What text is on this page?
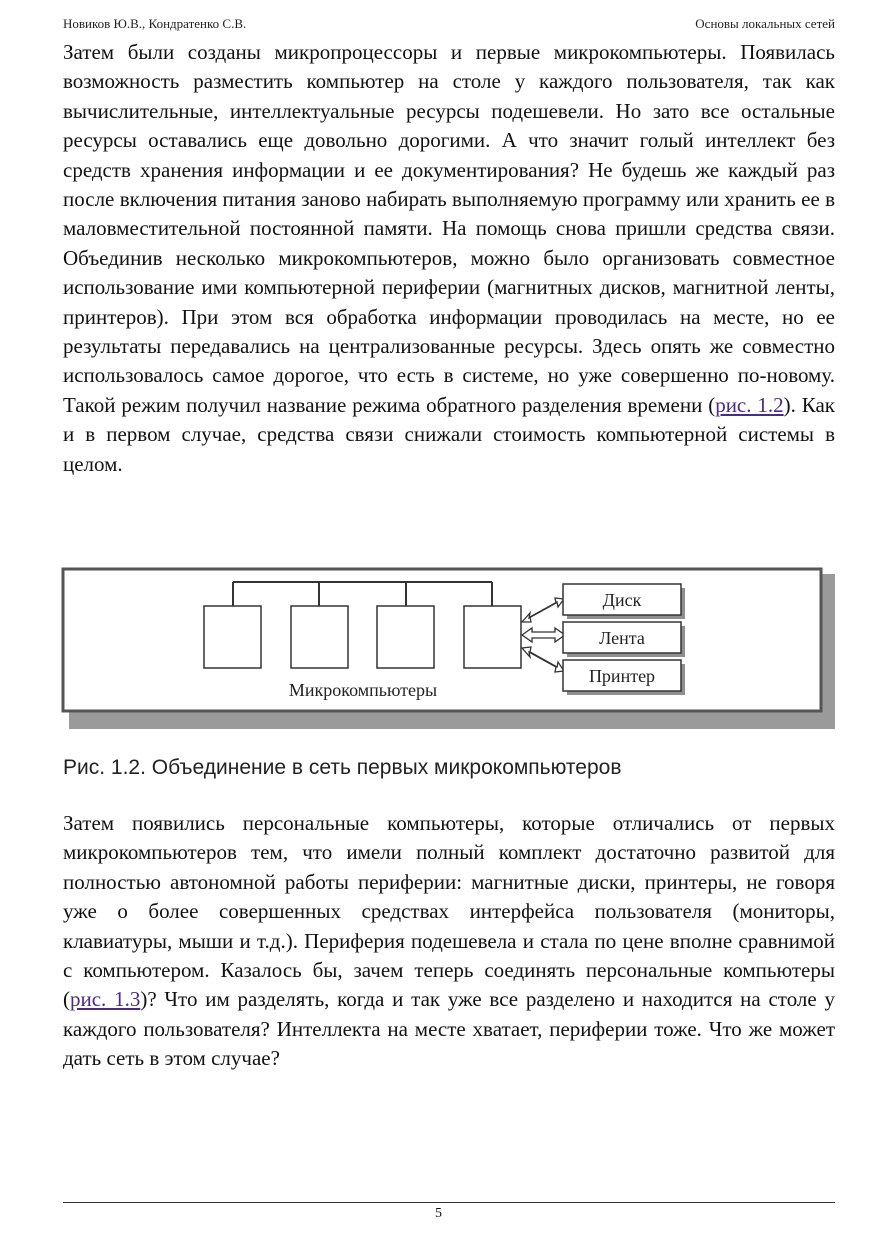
Новиков Ю.В., Кондратенко С.В.	Основы локальных сетей

Затем были созданы микропроцессоры и первые микрокомпьютеры. Появилась возможность разместить компьютер на столе у каждого пользователя, так как вычислительные, интеллектуальные ресурсы подешевели. Но зато все остальные ресурсы оставались еще довольно дорогими. А что значит голый интеллект без средств хранения информации и ее документирования? Не будешь же каждый раз после включения питания заново набирать выполняемую программу или хранить ее в маловместительной постоянной памяти. На помощь снова пришли средства связи. Объединив несколько микрокомпьютеров, можно было организовать совместное использование ими компьютерной периферии (магнитных дисков, магнитной ленты, принтеров). При этом вся обработка информации проводилась на месте, но ее результаты передавались на централизованные ресурсы. Здесь опять же совместно использовалось самое дорогое, что есть в системе, но уже совершенно по-новому. Такой режим получил название режима обратного разделения времени (рис. 1.2). Как и в первом случае, средства связи снижали стоимость компьютерной системы в целом.

Диск
Лента
Принтер
Микрокомпьютеры
Рис. 1.2. Объединение в сеть первых микрокомпьютеров

Затем появились персональные компьютеры, которые отличались от первых микрокомпьютеров тем, что имели полный комплект достаточно развитой для полностью автономной работы периферии: магнитные диски, принтеры, не говоря уже о более совершенных средствах интерфейса пользователя (мониторы, клавиатуры, мыши и т.д.). Периферия подешевела и стала по цене вполне сравнимой с компьютером. Казалось бы, зачем теперь соединять персональные компьютеры (рис. 1.3)? Что им разделять, когда и так уже все разделено и находится на столе у каждого пользователя? Интеллекта на месте хватает, периферии тоже. Что же может дать сеть в этом случае?

5
